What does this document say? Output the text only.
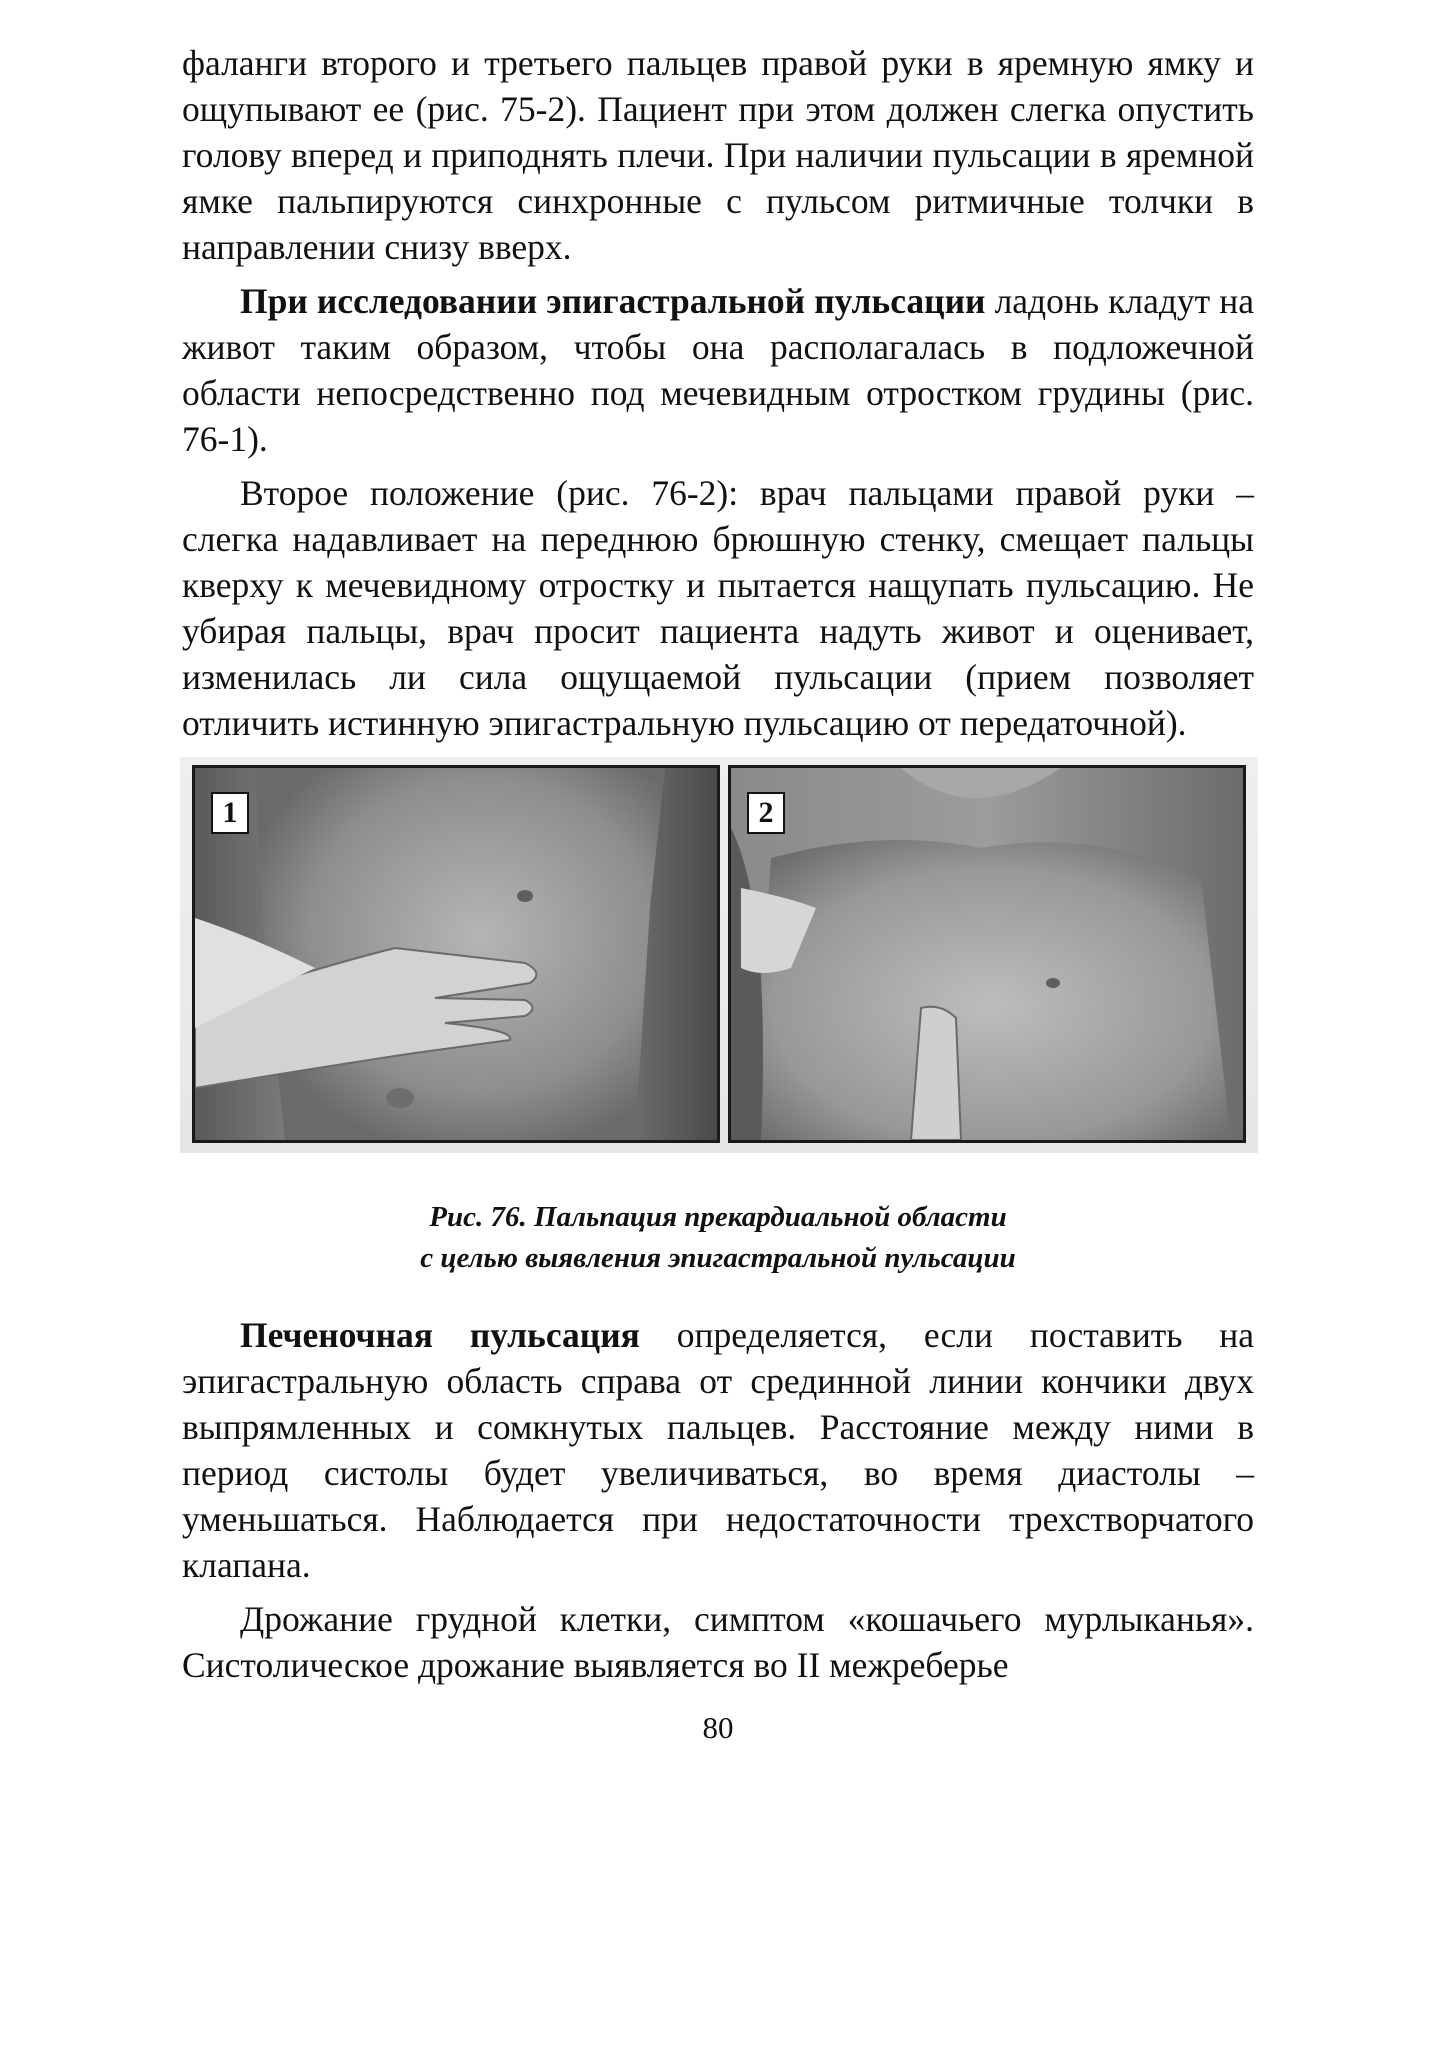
фаланги второго и третьего пальцев правой руки в яремную ямку и ощупывают ее (рис. 75-2). Пациент при этом должен слегка опустить голову вперед и приподнять плечи. При наличии пульсации в яремной ямке пальпируются синхронные с пульсом ритмичные толчки в направлении снизу вверх.

При исследовании эпигастральной пульсации ладонь кладут на живот таким образом, чтобы она располагалась в подложечной области непосредственно под мечевидным отростком грудины (рис. 76-1).

Второе положение (рис. 76-2): врач пальцами правой руки – слегка надавливает на переднюю брюшную стенку, смещает пальцы кверху к мечевидному отростку и пытается нащупать пульсацию. Не убирая пальцы, врач просит пациента надуть живот и оценивает, изменилась ли сила ощущаемой пульсации (прием позволяет отличить истинную эпигастральную пульсацию от передаточной).

1	2
Рис. 76. Пальпация прекардиальной области
с целью выявления эпигастральной пульсации

Печеночная пульсация определяется, если поставить на эпигастральную область справа от срединной линии кончики двух выпрямленных и сомкнутых пальцев. Расстояние между ними в период систолы будет увеличиваться, во время диастолы – уменьшаться. Наблюдается при недостаточности трехстворчатого клапана.

Дрожание грудной клетки, симптом «кошачьего мурлыканья». Систолическое дрожание выявляется во II межреберье

80
